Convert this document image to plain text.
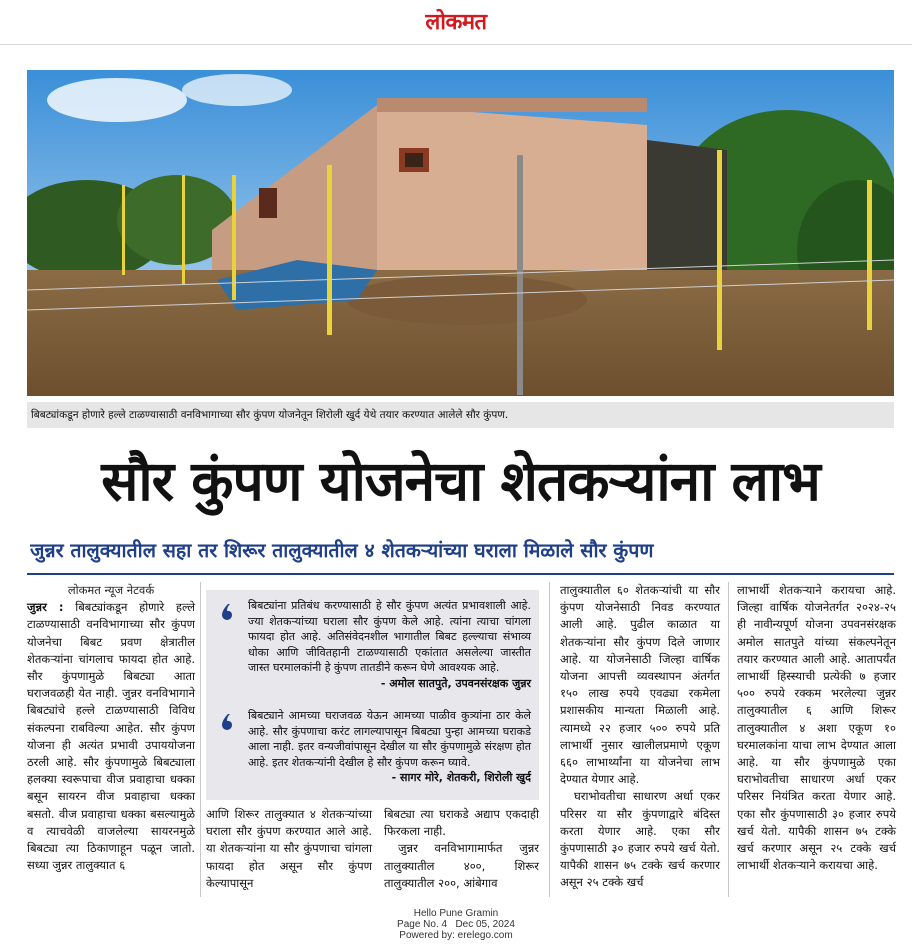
लोकमत
बिबट्यांकडून होणारे हल्ले टाळण्यासाठी वनविभागाच्या सौर कुंपण योजनेतून शिरोली खुर्द येथे तयार करण्यात आलेले सौर कुंपण.
सौर कुंपण योजनेचा शेतकऱ्यांना लाभ
जुन्नर तालुक्यातील सहा तर शिरूर तालुक्यातील ४ शेतकऱ्यांच्या घराला मिळाले सौर कुंपण
लोकमत न्यूज नेटवर्क

जुन्नर : बिबट्यांकडून होणारे हल्ले टाळण्यासाठी वनविभागाच्या सौर कुंपण योजनेचा बिबट प्रवण क्षेत्रातील शेतकऱ्यांना चांगलाच फायदा होत आहे. सौर कुंपणामुळे बिबट्या आता घराजवळही येत नाही. जुन्नर वनविभागाने बिबट्यांचे हल्ले टाळण्यासाठी विविध संकल्पना राबविल्या आहेत. सौर कुंपण योजना ही अत्यंत प्रभावी उपाययोजना ठरली आहे. सौर कुंपणामुळे बिबट्याला हलक्या स्वरूपाचा वीज प्रवाहाचा धक्का बसून सायरन वीज प्रवाहाचा धक्का बसतो. वीज प्रवाहाचा धक्का बसल्यामुळे व त्याचवेळी वाजलेल्या सायरनमुळे बिबट्या त्या ठिकाणाहून पळून जातो. सध्या जुन्नर तालुक्यात ६

बिबट्यांना प्रतिबंध करण्यासाठी हे सौर कुंपण अत्यंत प्रभावशाली आहे. ज्या शेतकऱ्यांच्या घराला सौर कुंपण केले आहे. त्यांना त्याचा चांगला फायदा होत आहे. अतिसंवेदनशील भागातील बिबट हल्ल्याचा संभाव्य धोका आणि जीवितहानी टाळण्यासाठी एकांतात असलेल्या जास्तीत जास्त घरमालकांनी हे कुंपण तातडीने करून घेणे आवश्यक आहे.
- अमोल सातपुते, उपवनसंरक्षक जुन्नर
बिबट्याने आमच्या घराजवळ येऊन आमच्या पाळीव कुत्र्यांना ठार केले आहे. सौर कुंपणाचा करंट लागल्यापासून बिबट्या पुन्हा आमच्या घराकडे आला नाही. इतर वन्यजीवांपासून देखील या सौर कुंपणामुळे संरक्षण होत आहे. इतर शेतकऱ्यांनी देखील हे सौर कुंपण करून घ्यावे.
- सागर मोरे, शेतकरी, शिरोली खुर्द

आणि शिरूर तालुक्यात ४ शेतकऱ्यांच्या घराला सौर कुंपण करण्यात आले आहे. या शेतकऱ्यांना या सौर कुंपणाचा चांगला फायदा होत असून सौर कुंपण केल्यापासून

बिबट्या त्या घराकडे अद्याप एकदाही फिरकला नाही.

जुन्नर वनविभागामार्फत जुन्नर तालुक्यातील ४००, शिरूर तालुक्यातील २००, आंबेगाव

तालुक्यातील ६० शेतकऱ्यांची या सौर कुंपण योजनेसाठी निवड करण्यात आली आहे. पुढील काळात या शेतकऱ्यांना सौर कुंपण दिले जाणार आहे. या योजनेसाठी जिल्हा वार्षिक योजना आपत्ती व्यवस्थापन अंतर्गत १५० लाख रुपये एवढ्या रकमेला प्रशासकीय मान्यता मिळाली आहे. त्यामध्ये २२ हजार ५०० रुपये प्रति लाभार्थी नुसार खालीलप्रमाणे एकूण ६६० लाभार्थ्यांना या योजनेचा लाभ देण्यात येणार आहे.

घराभोवतीचा साधारण अर्धा एकर परिसर या सौर कुंपणाद्वारे बंदिस्त करता येणार आहे. एका सौर कुंपणासाठी ३० हजार रुपये खर्च येतो. यापैकी शासन ७५ टक्के खर्च करणार असून २५ टक्के खर्च

लाभार्थी शेतकऱ्याने करायचा आहे. जिल्हा वार्षिक योजनेतर्गत २०२४-२५ ही नावीन्यपूर्ण योजना उपवनसंरक्षक अमोल सातपुते यांच्या संकल्पनेतून तयार करण्यात आली आहे. आतापर्यंत लाभार्थी हिस्स्याची प्रत्येकी ७ हजार ५०० रुपये रक्कम भरलेल्या जुन्नर तालुक्यातील ६ आणि शिरूर तालुक्यातील ४ अशा एकूण १० घरमालकांना याचा लाभ देण्यात आला आहे. या सौर कुंपणामुळे एका घराभोवतीचा साधारण अर्धा एकर परिसर नियंत्रित करता येणार आहे. एका सौर कुंपणासाठी ३० हजार रुपये खर्च येतो. यापैकी शासन ७५ टक्के खर्च करणार असून २५ टक्के खर्च लाभार्थी शेतकऱ्याने करायचा आहे.

Hello Pune Gramin
Page No. 4 Dec 05, 2024
Powered by: erelego.com
